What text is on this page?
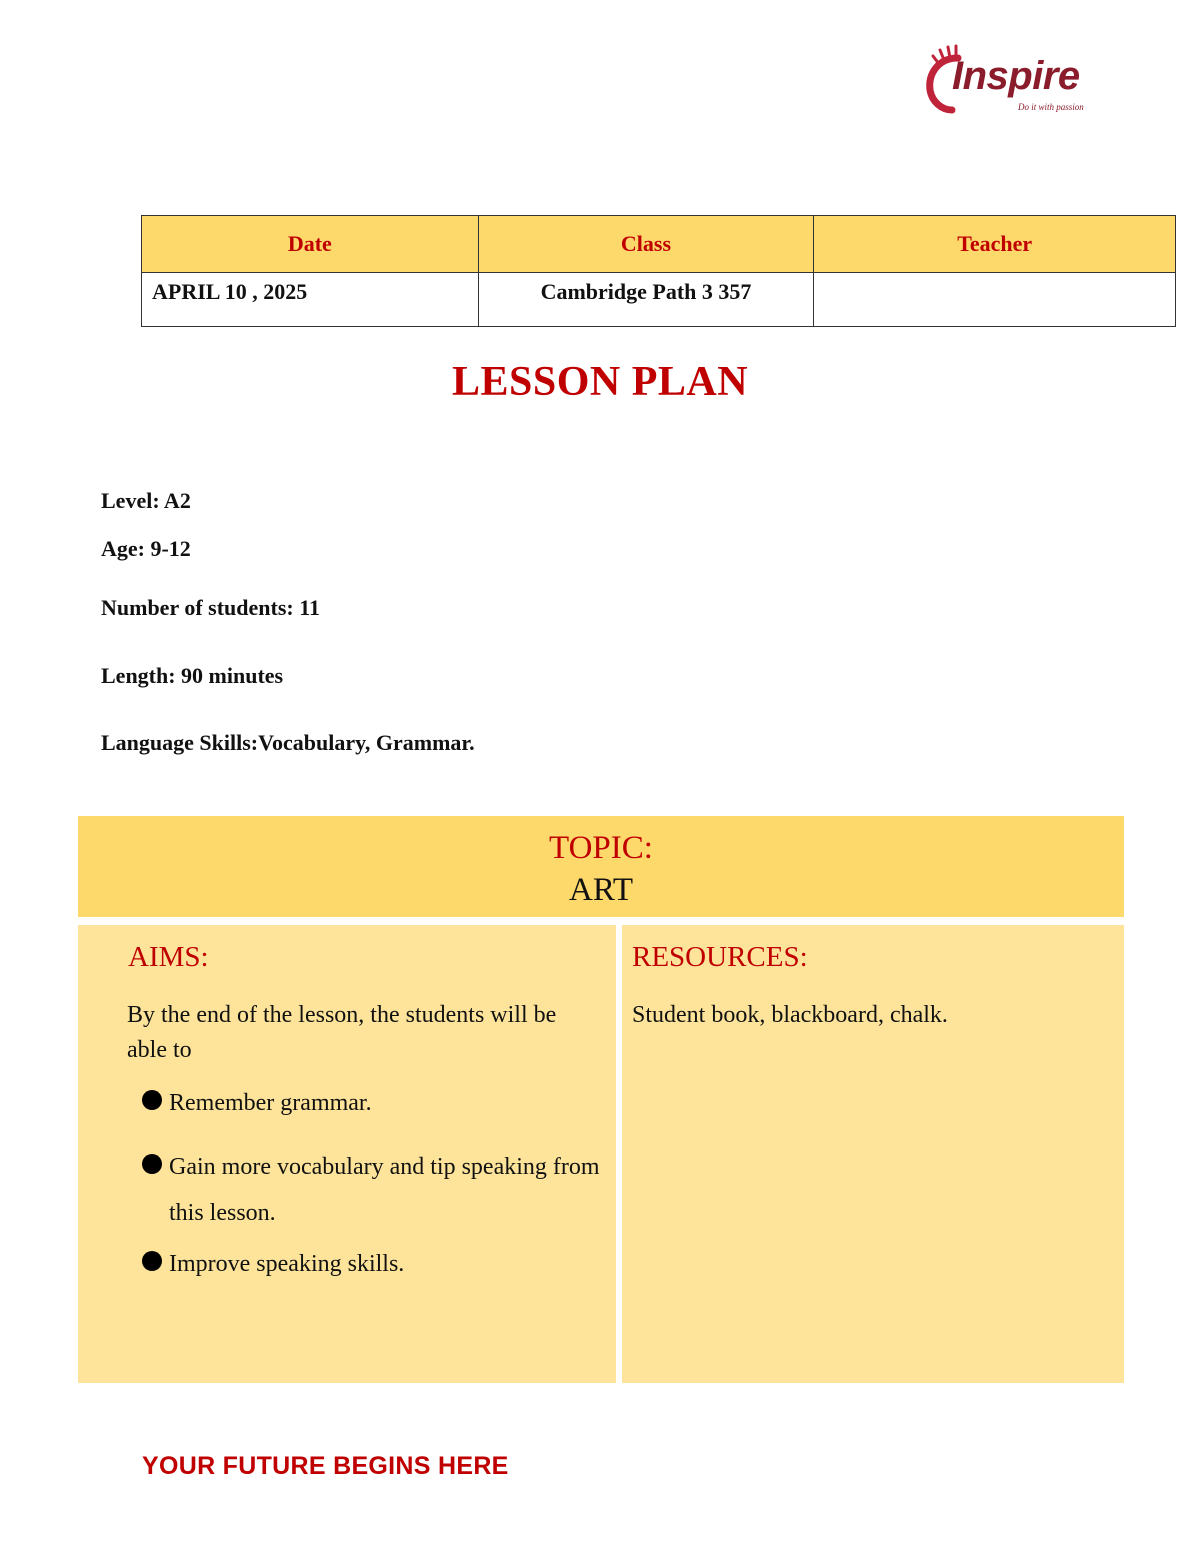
Inspire
Do it with passion
Date	Class	Teacher
APRIL 10 , 2025	Cambridge Path 3 357	
LESSON PLAN
Level: A2
Age: 9-12
Number of students: 11
Length: 90 minutes
Language Skills:Vocabulary, Grammar.
TOPIC:
ART
AIMS:
By the end of the lesson, the students will be able to
Remember grammar.
Gain more vocabulary and tip speaking from this lesson.
Improve speaking skills.
RESOURCES:
Student book, blackboard, chalk.
YOUR FUTURE BEGINS HERE
